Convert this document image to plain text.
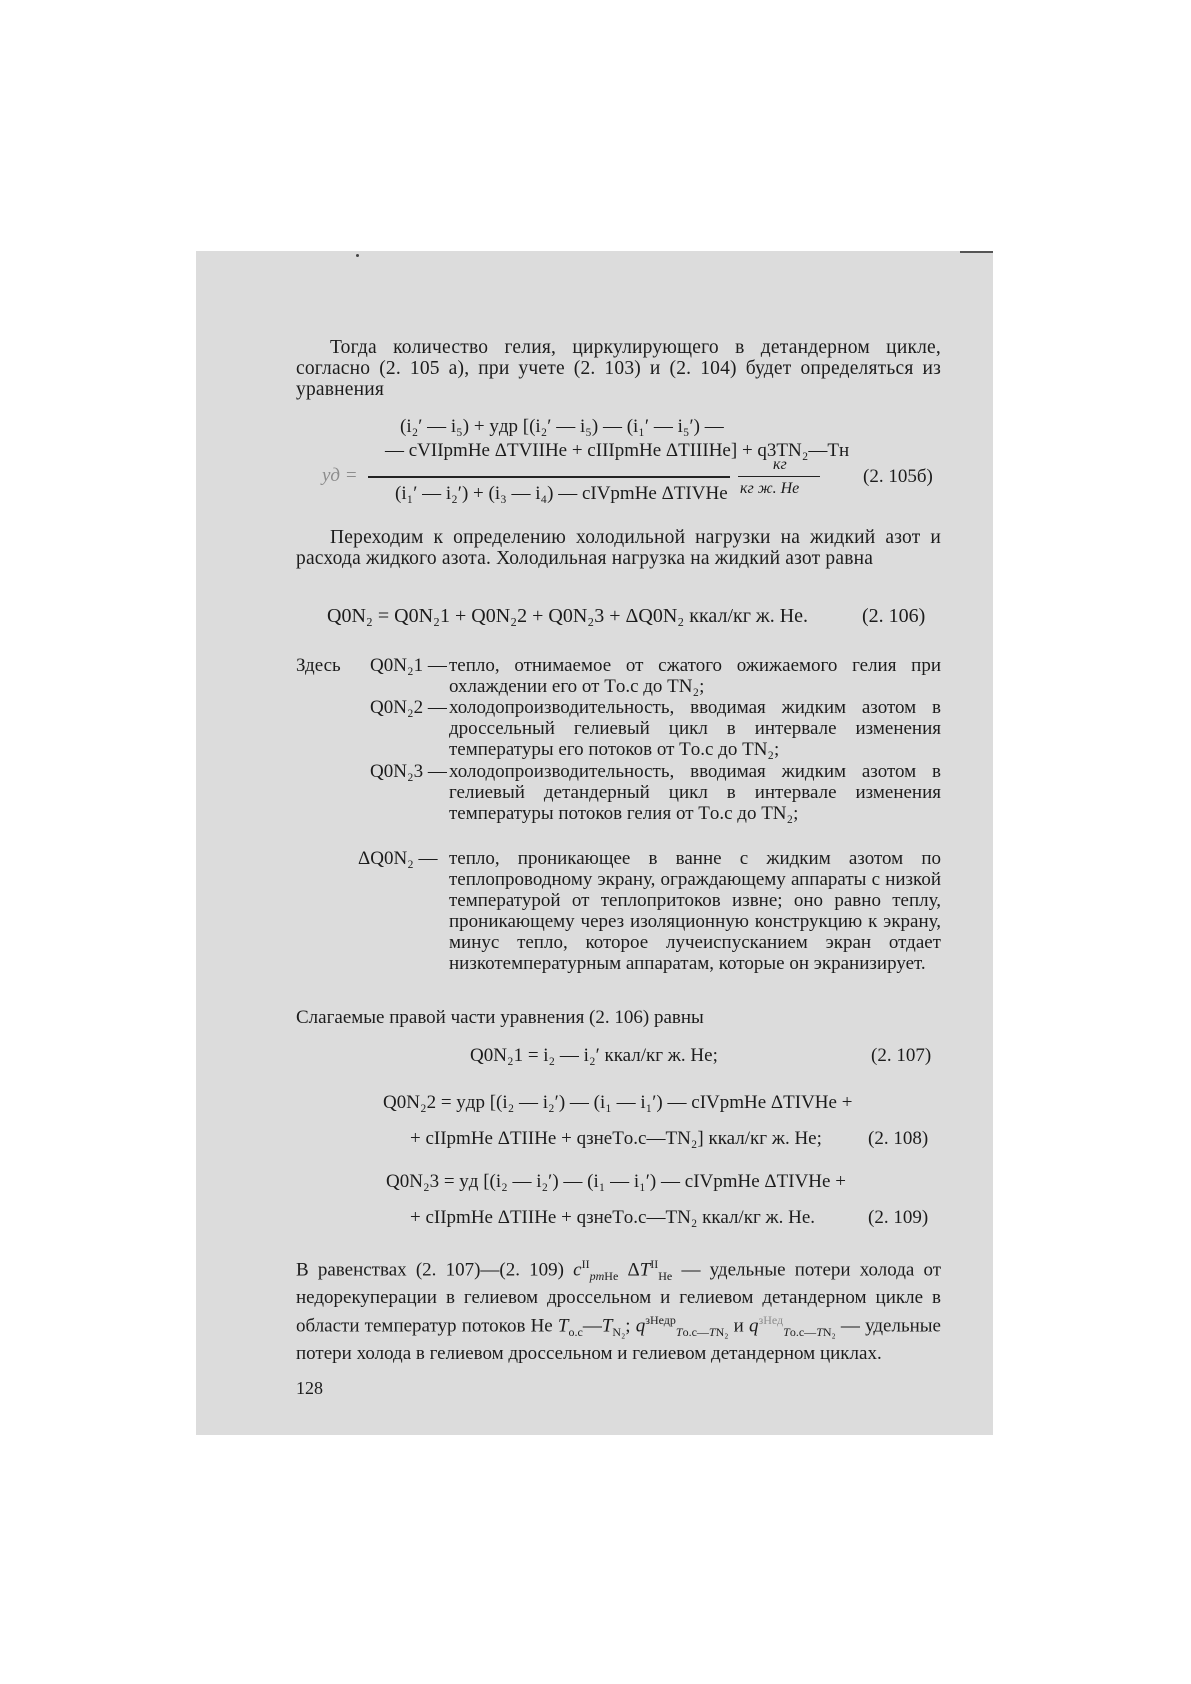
Тогда количество гелия, циркулирующего в детандерном цикле, согласно (2. 105 а), при учете (2. 103) и (2. 104) будет определяться из уравнения
(i₂′ — i₅) + yдр [(i₂′ — i₅) — (i₁′ — i₅′) —
— cVIIpmHe ΔTVIIHe + cIIIpmHe ΔTIIIHe] + q3TN₂—Tн
yд =
(i₁′ — i₂′) + (i₃ — i₄) — cIVpmHe ΔTIVHe
кг
кг ж. Не
(2. 105б)
Переходим к определению холодильной нагрузки на жидкий азот и расхода жидкого азота. Холодильная нагрузка на жидкий азот равна
Q0N₂ = Q0N₂1 + Q0N₂2 + Q0N₂3 + ΔQ0N₂ ккал/кг ж. Не.	(2. 106)
Здесь Q0N₂1 — тепло, отнимаемое от сжатого ожижаемого гелия при охлаждении его от Tо.с до TN₂;
Q0N₂2 — холодопроизводительность, вводимая жидким азотом в дроссельный гелиевый цикл в интервале изменения температуры его потоков от Tо.с до TN₂;
Q0N₂3 — холодопроизводительность, вводимая жидким азотом в гелиевый детандерный цикл в интервале изменения температуры потоков гелия от Tо.с до TN₂;
ΔQ0N₂ — тепло, проникающее в ванне с жидким азотом по теплопроводному экрану, ограждающему аппараты с низкой температурой от теплопритоков извне; оно равно теплу, проникающему через изоляционную конструкцию к экрану, минус тепло, которое лучеиспусканием экран отдает низкотемпературным аппаратам, которые он экранизирует.
Слагаемые правой части уравнения (2. 106) равны
Q0N₂1 = i₂ — i₂′ ккал/кг ж. Не;	(2. 107)
Q0N₂2 = yдр [(i₂ — i₂′) — (i₁ — i₁′) — cIVpmHe ΔTIVHe +
+ cIIpmHe ΔTIIHe + qзнеTо.с—TN₂] ккал/кг ж. Не; (2. 108)
Q0N₂3 = yд [(i₂ — i₂′) — (i₁ — i₁′) — cIVpmHe ΔTIVHe +
+ cIIpmHe ΔTIIHe + qзнеTо.с—TN₂ ккал/кг ж. Не.	(2. 109)
В равенствах (2. 107)—(2. 109) $c^{II}_{pmHe}$ $\Delta T^{II}_{He}$ — удельные потери холода от недорекуперации в гелиевом дроссельном и гелиевом детандерном цикле в области температур потоков Не $T_{о.с}—T_{N_2}$; $q^{зНедр}_{Tо.с—TN_2}$ и $q^{зНед}_{Tо.с—TN_2}$ — удельные потери холода в гелиевом дроссельном и гелиевом детандерном циклах.
128
